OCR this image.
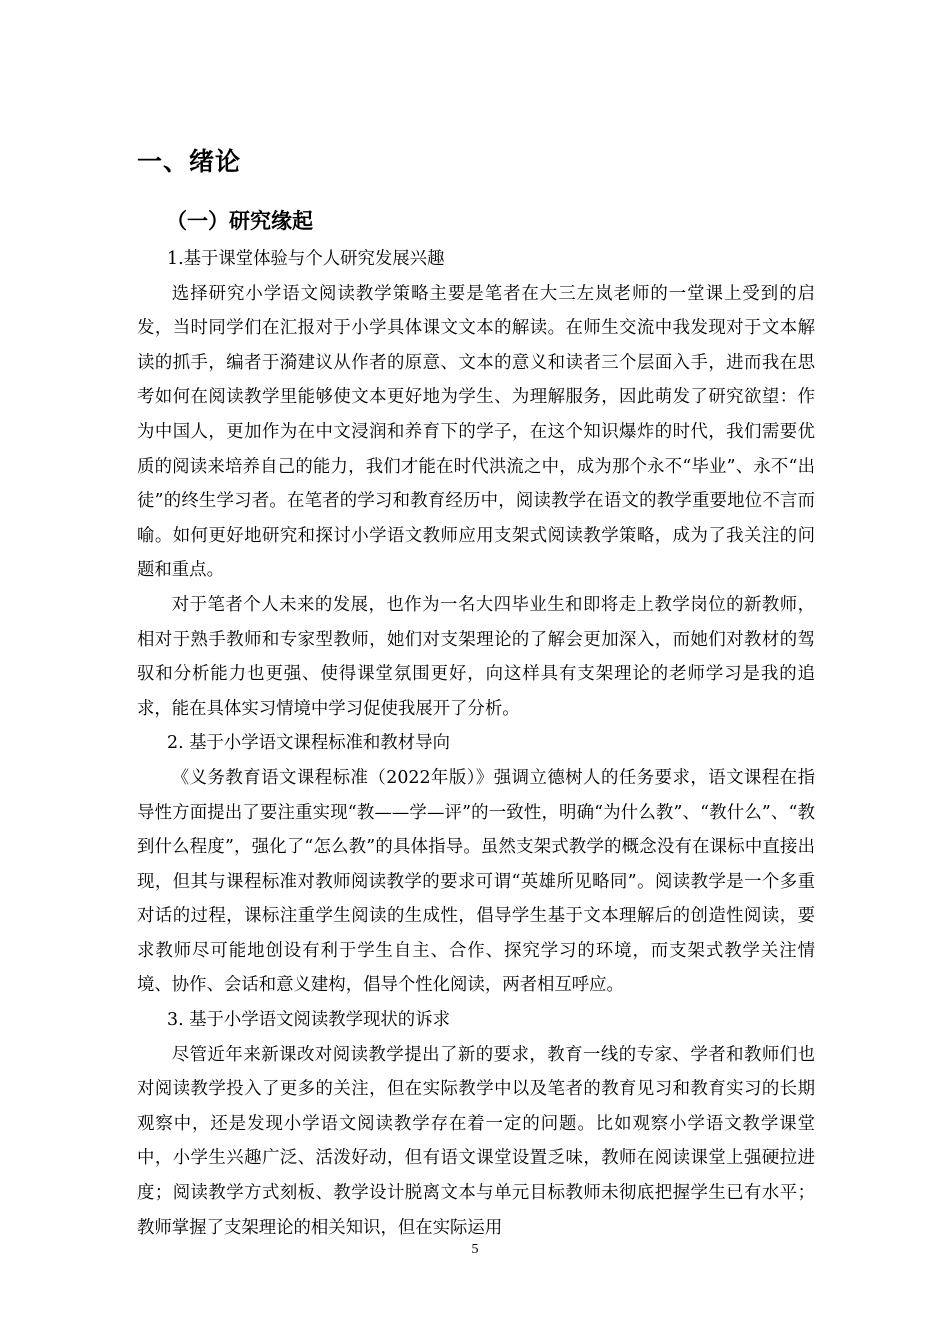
一、绪论
（一）研究缘起

1.基于课堂体验与个人研究发展兴趣

选择研究小学语文阅读教学策略主要是笔者在大三左岚老师的一堂课上受到的启发，当时同学们在汇报对于小学具体课文文本的解读。在师生交流中我发现对于文本解读的抓手，编者于漪建议从作者的原意、文本的意义和读者三个层面入手，进而我在思考如何在阅读教学里能够使文本更好地为学生、为理解服务，因此萌发了研究欲望：作为中国人，更加作为在中文浸润和养育下的学子，在这个知识爆炸的时代，我们需要优质的阅读来培养自己的能力，我们才能在时代洪流之中，成为那个永不“毕业”、永不“出徒”的终生学习者。在笔者的学习和教育经历中，阅读教学在语文的教学重要地位不言而喻。如何更好地研究和探讨小学语文教师应用支架式阅读教学策略，成为了我关注的问题和重点。

对于笔者个人未来的发展，也作为一名大四毕业生和即将走上教学岗位的新教师，相对于熟手教师和专家型教师，她们对支架理论的了解会更加深入，而她们对教材的驾驭和分析能力也更强、使得课堂氛围更好，向这样具有支架理论的老师学习是我的追求，能在具体实习情境中学习促使我展开了分析。

2. 基于小学语文课程标准和教材导向

《义务教育语文课程标准（2022年版）》强调立德树人的任务要求，语文课程在指导性方面提出了要注重实现“教——学—评”的一致性，明确“为什么教”、“教什么”、“教到什么程度”，强化了“怎么教”的具体指导。虽然支架式教学的概念没有在课标中直接出现，但其与课程标准对教师阅读教学的要求可谓“英雄所见略同”。阅读教学是一个多重对话的过程，课标注重学生阅读的生成性，倡导学生基于文本理解后的创造性阅读，要求教师尽可能地创设有利于学生自主、合作、探究学习的环境，而支架式教学关注情境、协作、会话和意义建构，倡导个性化阅读，两者相互呼应。

3. 基于小学语文阅读教学现状的诉求

尽管近年来新课改对阅读教学提出了新的要求，教育一线的专家、学者和教师们也对阅读教学投入了更多的关注，但在实际教学中以及笔者的教育见习和教育实习的长期观察中，还是发现小学语文阅读教学存在着一定的问题。比如观察小学语文教学课堂中，小学生兴趣广泛、活泼好动，但有语文课堂设置乏味，教师在阅读课堂上强硬拉进度；阅读教学方式刻板、教学设计脱离文本与单元目标教师未彻底把握学生已有水平；教师掌握了支架理论的相关知识，但在实际运用

5
